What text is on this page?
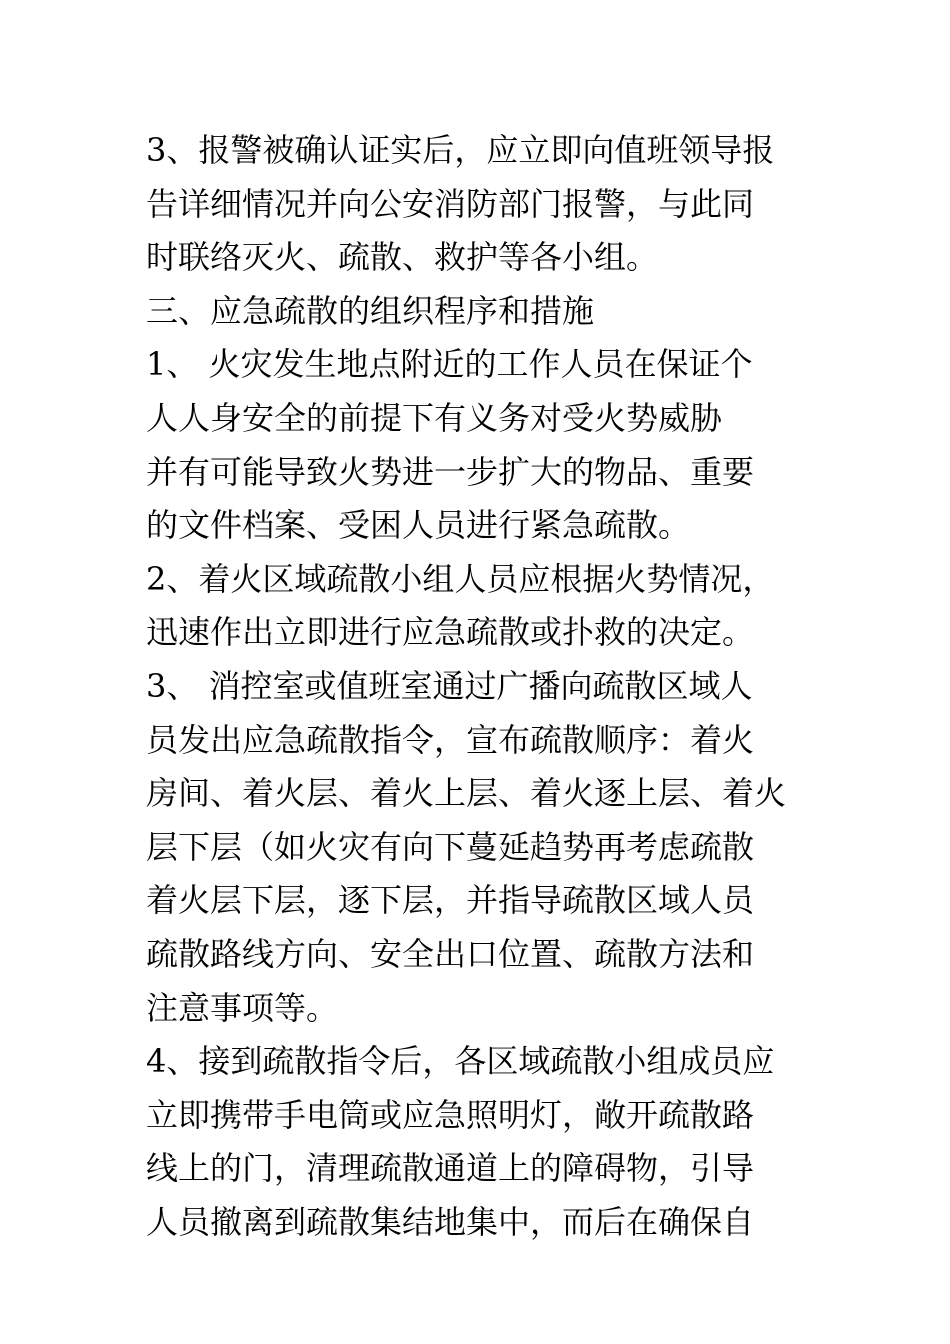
3、报警被确认证实后，应立即向值班领导报
告详细情况并向公安消防部门报警，与此同
时联络灭火、疏散、救护等各小组。
三、应急疏散的组织程序和措施
1、 火灾发生地点附近的工作人员在保证个
人人身安全的前提下有义务对受火势威胁
并有可能导致火势进一步扩大的物品、重要
的文件档案、受困人员进行紧急疏散。
2、着火区域疏散小组人员应根据火势情况，
迅速作出立即进行应急疏散或扑救的决定。
3、 消控室或值班室通过广播向疏散区域人
员发出应急疏散指令，宣布疏散顺序：着火
房间、着火层、着火上层、着火逐上层、着火
层下层（如火灾有向下蔓延趋势再考虑疏散
着火层下层，逐下层，并指导疏散区域人员
疏散路线方向、安全出口位置、疏散方法和
注意事项等。
4、接到疏散指令后，各区域疏散小组成员应
立即携带手电筒或应急照明灯，敞开疏散路
线上的门，清理疏散通道上的障碍物，引导
人员撤离到疏散集结地集中，而后在确保自
